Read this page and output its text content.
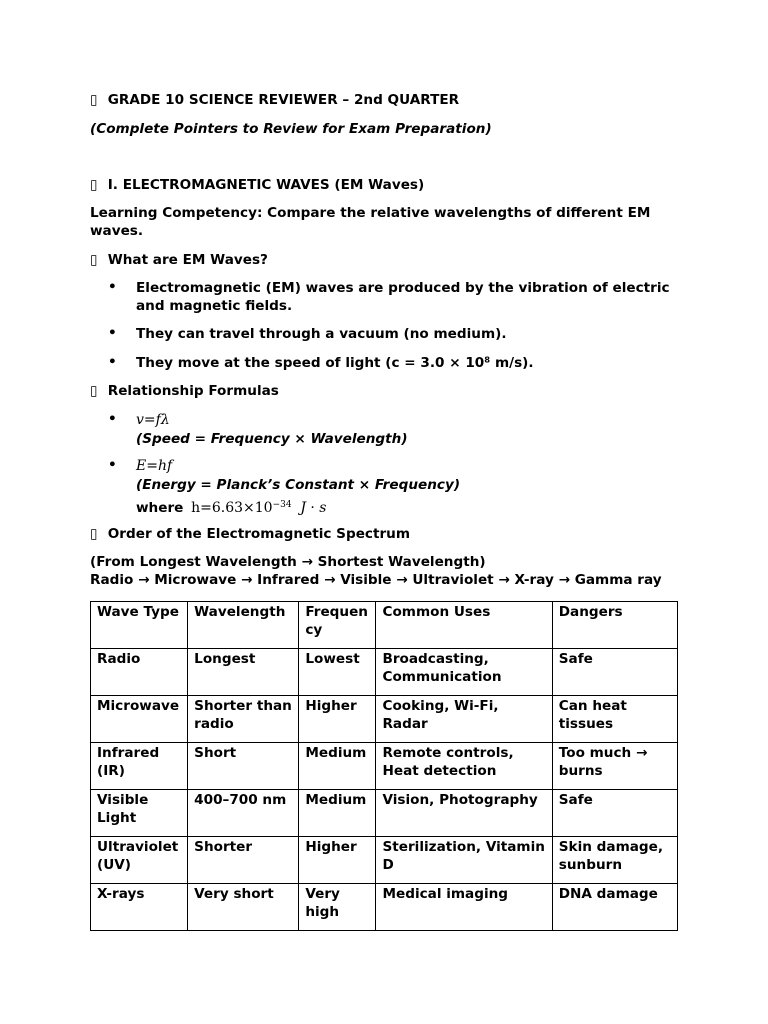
▯ GRADE 10 SCIENCE REVIEWER – 2nd QUARTER
(Complete Pointers to Review for Exam Preparation)
▯ I. ELECTROMAGNETIC WAVES (EM Waves)
Learning Competency: Compare the relative wavelengths of different EM waves.
▯ What are EM Waves?
• Electromagnetic (EM) waves are produced by the vibration of electric and magnetic fields.
• They can travel through a vacuum (no medium).
• They move at the speed of light (c = 3.0 × 10⁸ m/s).
▯ Relationship Formulas
• v=fλ
(Speed = Frequency × Wavelength)
• E=hf
(Energy = Planck’s Constant × Frequency)
where $h=6.63\times 10^{-34}$ J · s
▯ Order of the Electromagnetic Spectrum
(From Longest Wavelength → Shortest Wavelength)
Radio → Microwave → Infrared → Visible → Ultraviolet → X-ray → Gamma ray
Wave Type	Wavelength	Frequency	Common Uses	Dangers
Radio	Longest	Lowest	Broadcasting, Communication	Safe
Microwave	Shorter than radio	Higher	Cooking, Wi-Fi, Radar	Can heat tissues
Infrared (IR)	Short	Medium	Remote controls, Heat detection	Too much → burns
Visible Light	400–700 nm	Medium	Vision, Photography	Safe
Ultraviolet (UV)	Shorter	Higher	Sterilization, Vitamin D	Skin damage, sunburn
X-rays	Very short	Very high	Medical imaging	DNA damage
